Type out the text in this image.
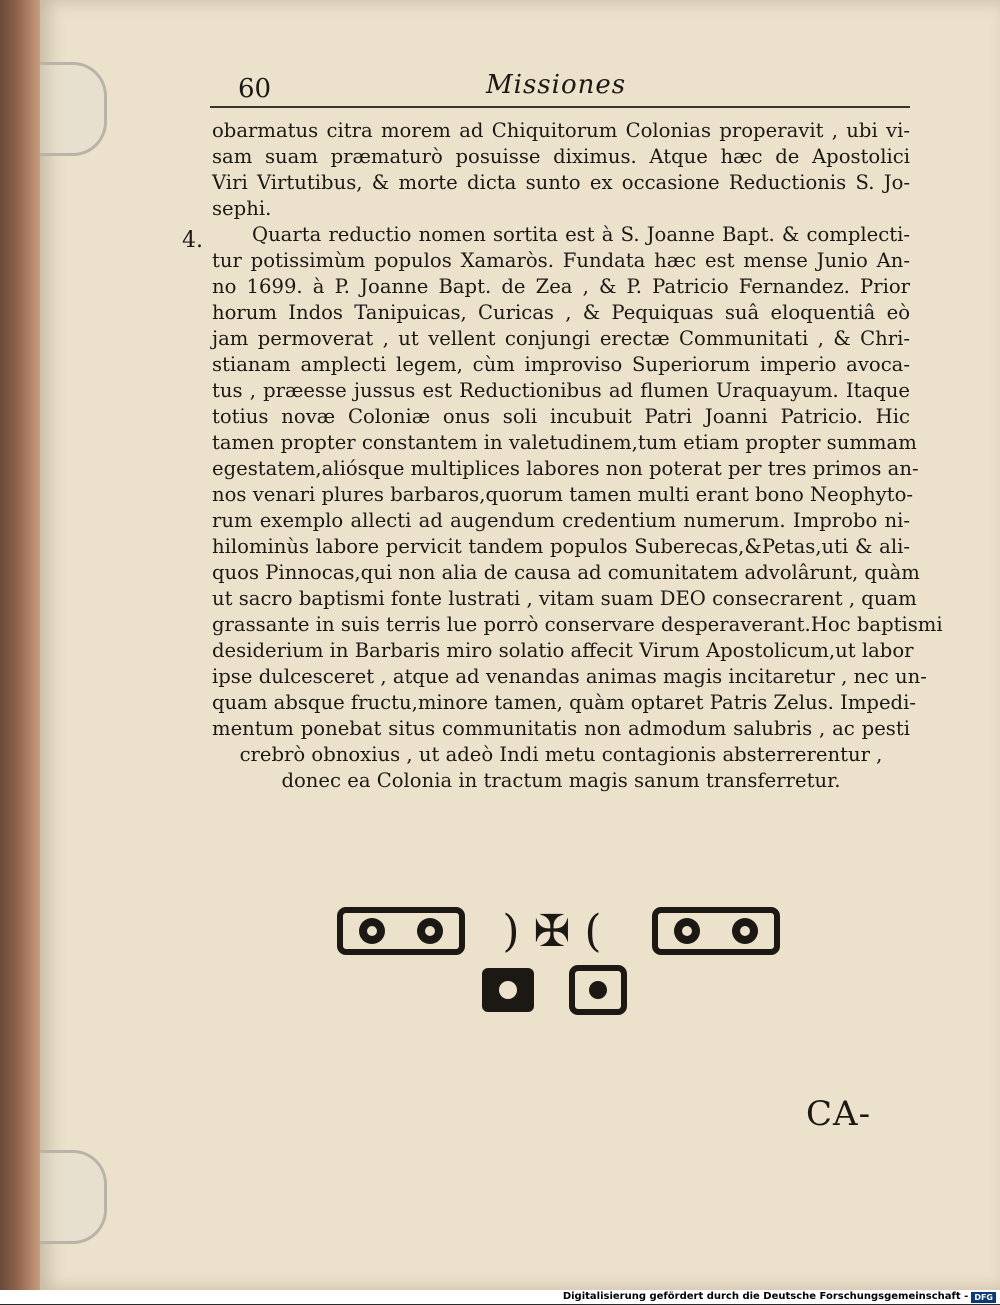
60	Missiones
4.
obarmatus citra morem ad Chiquitorum Colonias properavit , ubi vi-
sam suam præmaturò posuisse diximus. Atque hæc de Apostolici
Viri Virtutibus, & morte dicta sunto ex occasione Reductionis S. Jo-
sephi.
Quarta reductio nomen sortita est à S. Joanne Bapt. & complecti-
tur potissimùm populos Xamaròs. Fundata hæc est mense Junio An-
no 1699. à P. Joanne Bapt. de Zea , & P. Patricio Fernandez. Prior
horum Indos Tanipuicas, Curicas , & Pequiquas suâ eloquentiâ eò
jam permoverat , ut vellent conjungi erectæ Communitati , & Chri-
stianam amplecti legem, cùm improviso Superiorum imperio avoca-
tus , præesse jussus est Reductionibus ad flumen Uraquayum. Itaque
totius novæ Coloniæ onus soli incubuit Patri Joanni Patricio. Hic
tamen propter constantem in valetudinem,tum etiam propter summam
egestatem,aliósque multiplices labores non poterat per tres primos an-
nos venari plures barbaros,quorum tamen multi erant bono Neophyto-
rum exemplo allecti ad augendum credentium numerum. Improbo ni-
hilominùs labore pervicit tandem populos Suberecas,&Petas,uti & ali-
quos Pinnocas,qui non alia de causa ad comunitatem advolârunt, quàm
ut sacro baptismi fonte lustrati , vitam suam DEO consecrarent , quam
grassante in suis terris lue porrò conservare desperaverant.Hoc baptismi
desiderium in Barbaris miro solatio affecit Virum Apostolicum,ut labor
ipse dulcesceret , atque ad venandas animas magis incitaretur , nec un-
quam absque fructu,minore tamen, quàm optaret Patris Zelus. Impedi-
mentum ponebat situs communitatis non admodum salubris , ac pesti
crebrò obnoxius , ut adeò Indi metu contagionis absterrerentur ,
donec ea Colonia in tractum magis sanum transferretur.
) ✠ (
CA-
Digitalisierung gefördert durch die Deutsche Forschungsgemeinschaft - DFG
